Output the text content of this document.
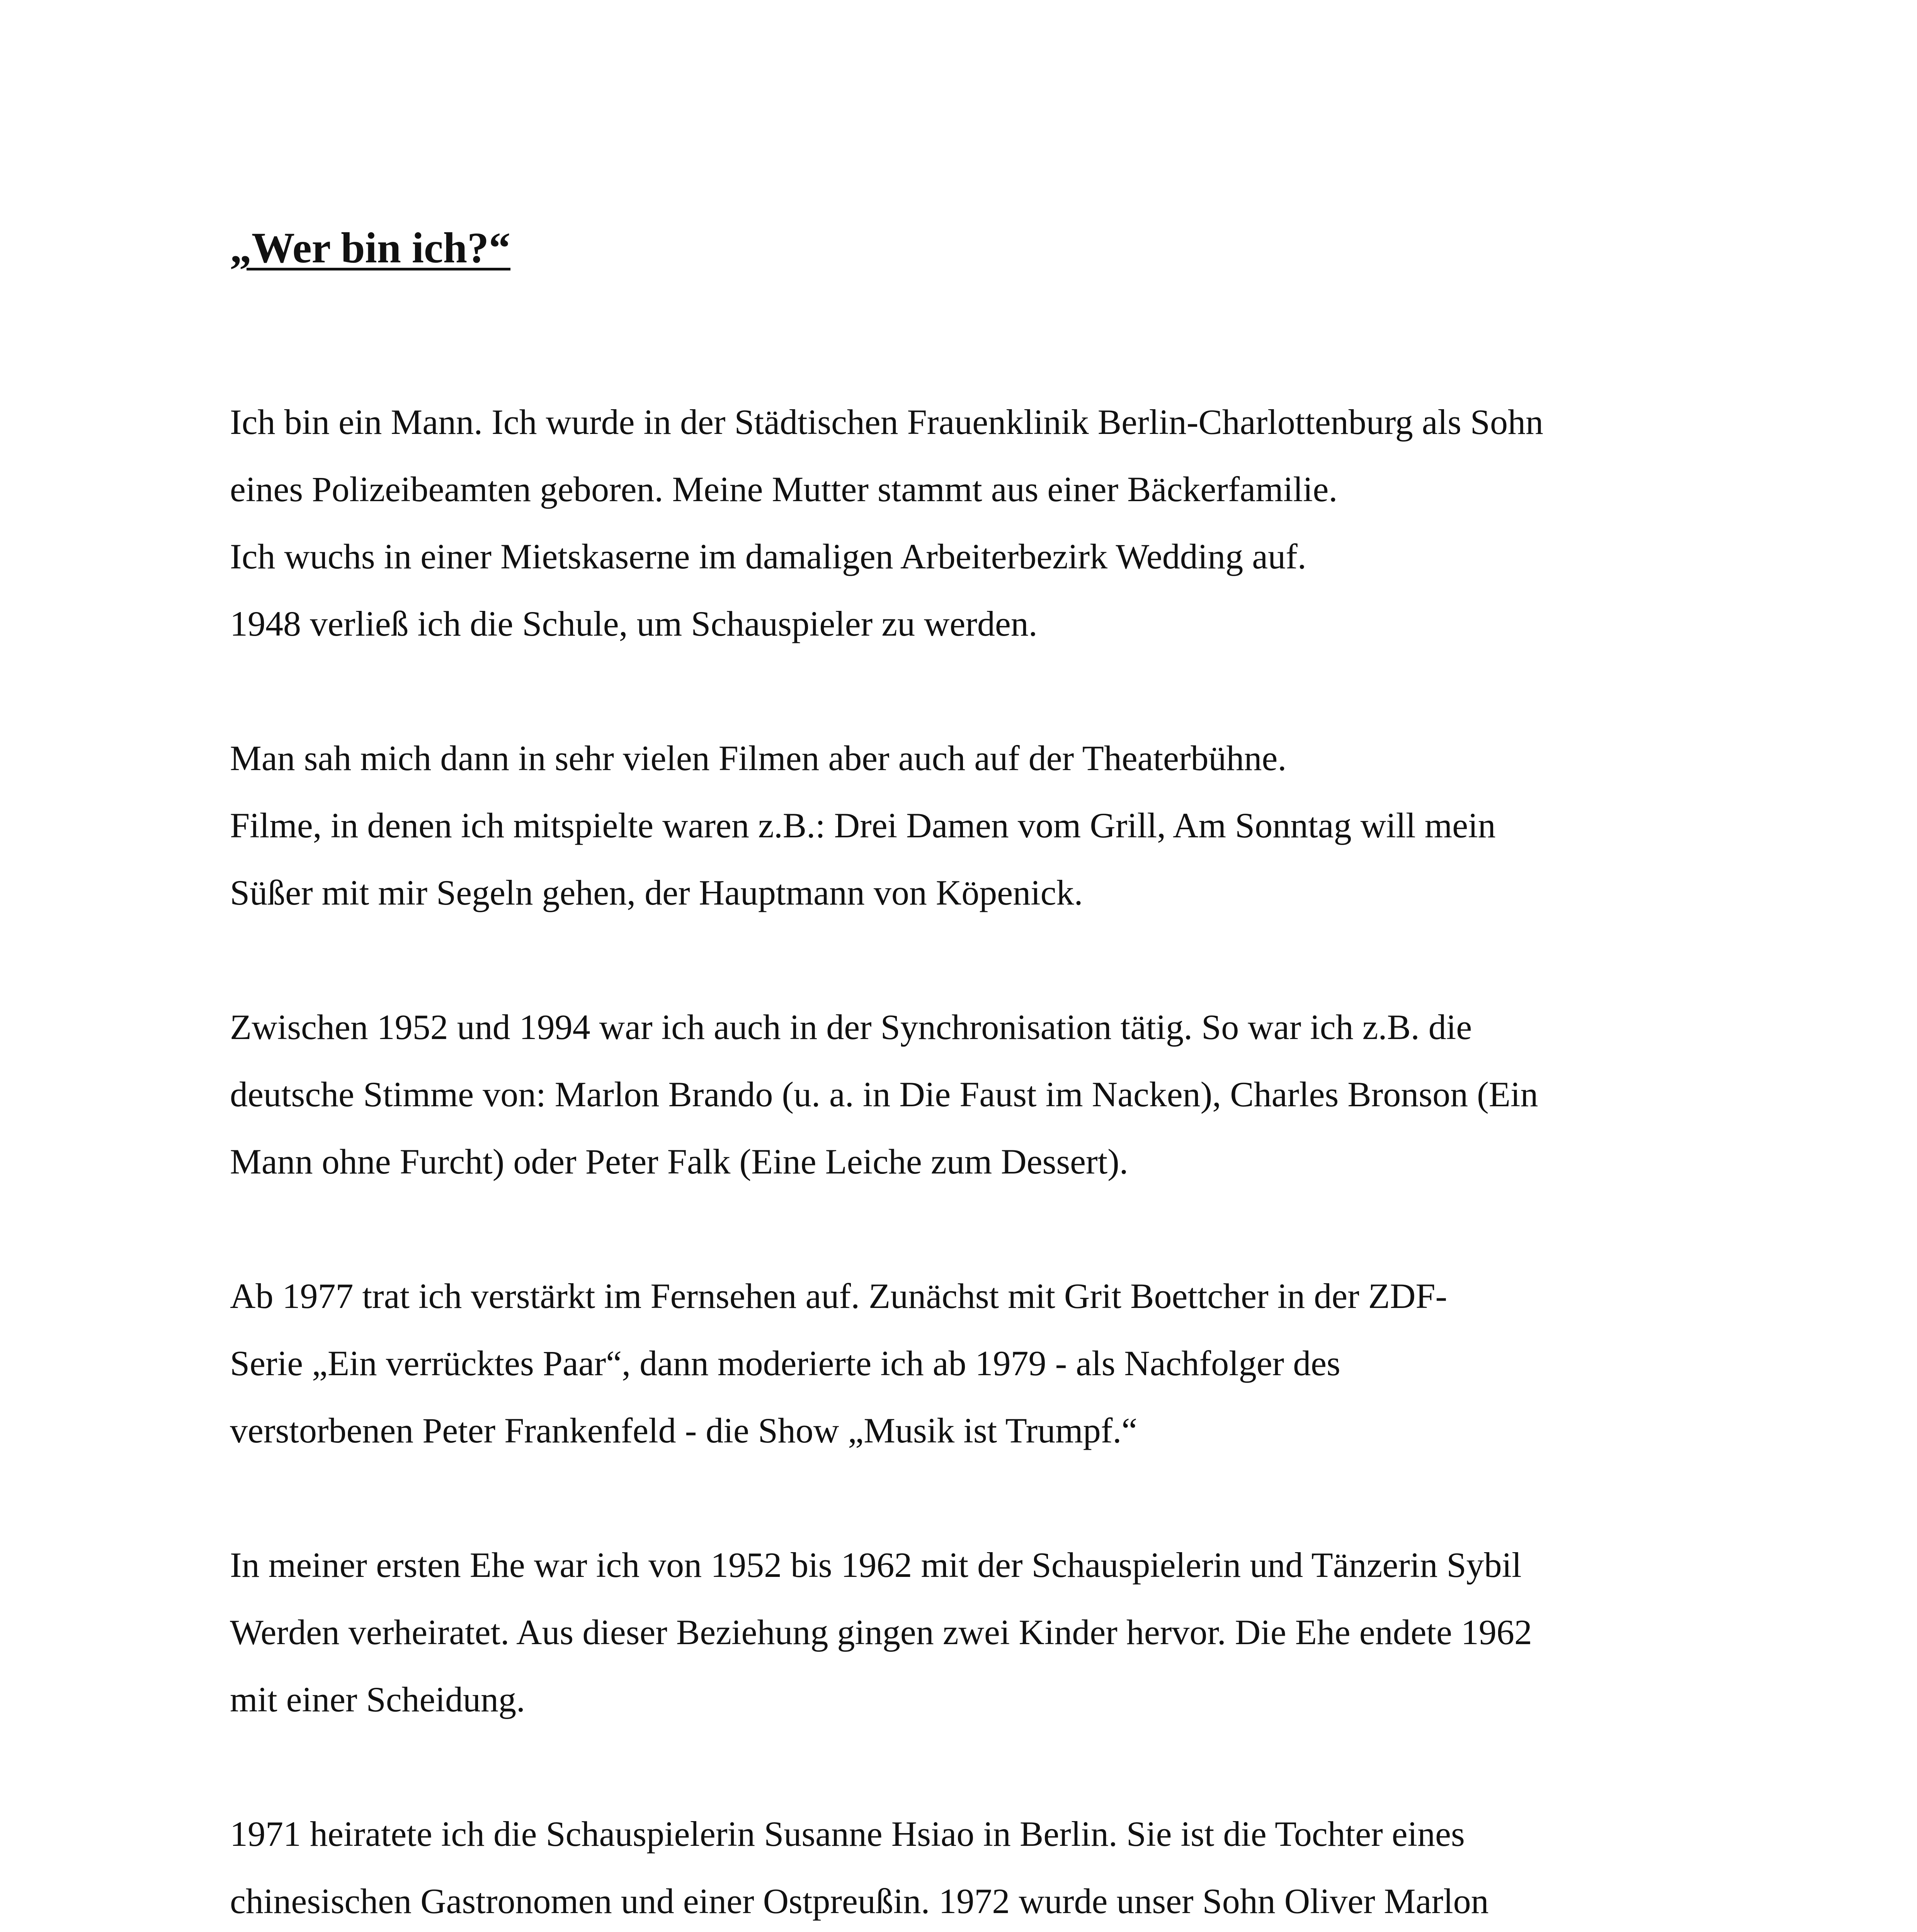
„Wer bin ich?“

Ich bin ein Mann. Ich wurde in der Städtischen Frauenklinik Berlin-Charlottenburg als Sohn
eines Polizeibeamten geboren. Meine Mutter stammt aus einer Bäckerfamilie.
Ich wuchs in einer Mietskaserne im damaligen Arbeiterbezirk Wedding auf.
1948 verließ ich die Schule, um Schauspieler zu werden.

Man sah mich dann in sehr vielen Filmen aber auch auf der Theaterbühne.
Filme, in denen ich mitspielte waren z.B.: Drei Damen vom Grill, Am Sonntag will mein
Süßer mit mir Segeln gehen, der Hauptmann von Köpenick.

Zwischen 1952 und 1994 war ich auch in der Synchronisation tätig. So war ich z.B. die
deutsche Stimme von: Marlon Brando (u. a. in Die Faust im Nacken), Charles Bronson (Ein
Mann ohne Furcht) oder Peter Falk (Eine Leiche zum Dessert).

Ab 1977 trat ich verstärkt im Fernsehen auf. Zunächst mit Grit Boettcher in der ZDF-
Serie „Ein verrücktes Paar“, dann moderierte ich ab 1979 - als Nachfolger des
verstorbenen Peter Frankenfeld - die Show „Musik ist Trumpf.“

In meiner ersten Ehe war ich von 1952 bis 1962 mit der Schauspielerin und Tänzerin Sybil
Werden verheiratet. Aus dieser Beziehung gingen zwei Kinder hervor. Die Ehe endete 1962
mit einer Scheidung.

1971 heiratete ich die Schauspielerin Susanne Hsiao in Berlin. Sie ist die Tochter eines
chinesischen Gastronomen und einer Ostpreußin. 1972 wurde unser Sohn Oliver Marlon
